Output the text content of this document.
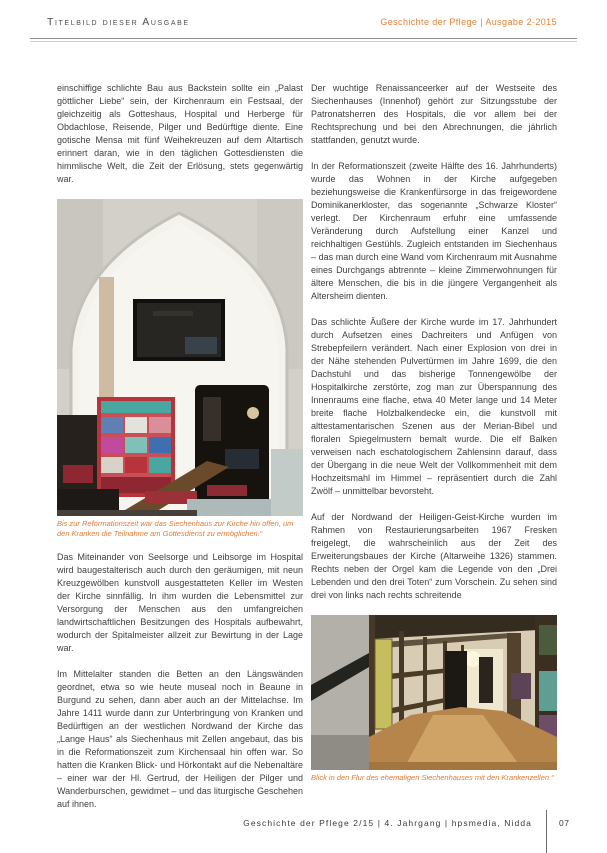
Titelbild dieser Ausgabe	Geschichte der Pflege | Ausgabe 2-2015

einschiffige schlichte Bau aus Backstein sollte ein „Palast göttlicher Liebe“ sein, der Kirchenraum ein Festsaal, der gleichzeitig als Gotteshaus, Hospital und Herberge für Obdachlose, Reisende, Pilger und Bedürftige diente. Eine gotische Mensa mit fünf Weihekreuzen auf dem Altartisch erinnert daran, wie in den täglichen Gottesdiensten die himmlische Welt, die Zeit der Erlösung, stets gegenwärtig war.

Bis zur Reformationszeit war das Siechenhaus zur Kirche hin offen, um den Kranken die Teilnahme am Gottesdienst zu ermöglichen.“

Das Miteinander von Seelsorge und Leibsorge im Hospital wird baugestalterisch auch durch den geräumigen, mit neun Kreuzgewölben kunstvoll ausgestatteten Keller im Westen der Kirche sinnfällig. In ihm wurden die Lebensmittel zur Versorgung der Menschen aus den umfangreichen landwirtschaftlichen Besitzungen des Hospitals aufbewahrt, wodurch der Spitalmeister allzeit zur Bewirtung in der Lage war.

Im Mittelalter standen die Betten an den Längswänden geordnet, etwa so wie heute museal noch in Beaune in Burgund zu sehen, dann aber auch an der Mittelachse. Im Jahre 1411 wurde dann zur Unterbringung von Kranken und Bedürftigen an der westlichen Nordwand der Kirche das „Lange Haus“ als Siechenhaus mit Zellen angebaut, das bis in die Reformationszeit zum Kirchensaal hin offen war. So hatten die Kranken Blick- und Hörkontakt auf die Nebenaltäre – einer war der Hl. Gertrud, der Heiligen der Pilger und Wanderburschen, gewidmet – und das liturgische Geschehen auf ihnen.

Der wuchtige Renaissanceerker auf der Westseite des Siechenhauses (Innenhof) gehört zur Sitzungsstube der Patronatsherren des Hospitals, die vor allem bei der Rechtsprechung und bei den Abrechnungen, die jährlich stattfanden, genutzt wurde.

In der Reformationszeit (zweite Hälfte des 16. Jahrhunderts) wurde das Wohnen in der Kirche aufgegeben beziehungsweise die Krankenfürsorge in das freigewordene Dominikanerkloster, das sogenannte „Schwarze Kloster“ verlegt. Der Kirchenraum erfuhr eine umfassende Veränderung durch Aufstellung einer Kanzel und reichhaltigen Gestühls. Zugleich entstanden im Siechenhaus – das man durch eine Wand vom Kirchenraum mit Ausnahme eines Durchgangs abtrennte – kleine Zimmerwohnungen für ältere Menschen, die bis in die jüngere Vergangenheit als Altersheim dienten.

Das schlichte Äußere der Kirche wurde im 17. Jahrhundert durch Aufsetzen eines Dachreiters und Anfügen von Strebepfeilern verändert. Nach einer Explosion von drei in der Nähe stehenden Pulvertürmen im Jahre 1699, die den Dachstuhl und das bisherige Tonnengewölbe der Hospitalkirche zerstörte, zog man zur Überspannung des Innenraums eine flache, etwa 40 Meter lange und 14 Meter breite flache Holzbalkendecke ein, die kunstvoll mit alttestamentarischen Szenen aus der Merian-Bibel und floralen Spiegelmustern bemalt wurde. Die elf Balken verweisen nach eschatologischem Zahlensinn darauf, dass der Übergang in die neue Welt der Vollkommenheit mit dem Hochzeitsmahl im Himmel – repräsentiert durch die Zahl Zwölf – unmittelbar bevorsteht.

Auf der Nordwand der Heiligen-Geist-Kirche wurden im Rahmen von Restaurierungsarbeiten 1967 Fresken freigelegt, die wahrscheinlich aus der Zeit des Erweiterungsbaues der Kirche (Altarweihe 1326) stammen. Rechts neben der Orgel kam die Legende von den „Drei Lebenden und den drei Toten“ zum Vorschein. Zu sehen sind drei von links nach rechts schreitende

Blick in den Flur des ehemaligen Siechenhauses mit den Krankenzellen.“
Geschichte der Pflege 2/15 | 4. Jahrgang | hpsmedia, Nidda	07
